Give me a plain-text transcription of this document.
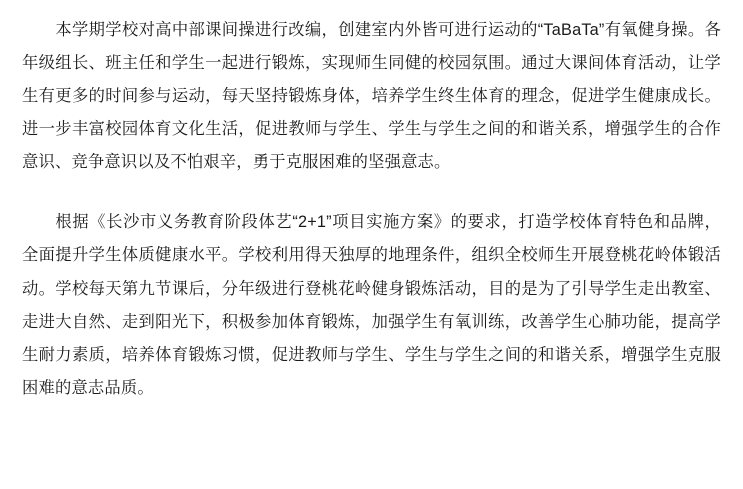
本学期学校对高中部课间操进行改编，创建室内外皆可进行运动的“TaBaTa”有氧健身操。各年级组长、班主任和学生一起进行锻炼，实现师生同健的校园氛围。通过大课间体育活动，让学生有更多的时间参与运动，每天坚持锻炼身体，培养学生终生体育的理念，促进学生健康成长。进一步丰富校园体育文化生活，促进教师与学生、学生与学生之间的和谐关系，增强学生的合作意识、竞争意识以及不怕艰辛，勇于克服困难的坚强意志。

根据《长沙市义务教育阶段体艺“2+1”项目实施方案》的要求，打造学校体育特色和品牌，全面提升学生体质健康水平。学校利用得天独厚的地理条件，组织全校师生开展登桃花岭体锻活动。学校每天第九节课后，分年级进行登桃花岭健身锻炼活动，目的是为了引导学生走出教室、走进大自然、走到阳光下，积极参加体育锻炼，加强学生有氧训练，改善学生心肺功能，提高学生耐力素质，培养体育锻炼习惯，促进教师与学生、学生与学生之间的和谐关系，增强学生克服困难的意志品质。
